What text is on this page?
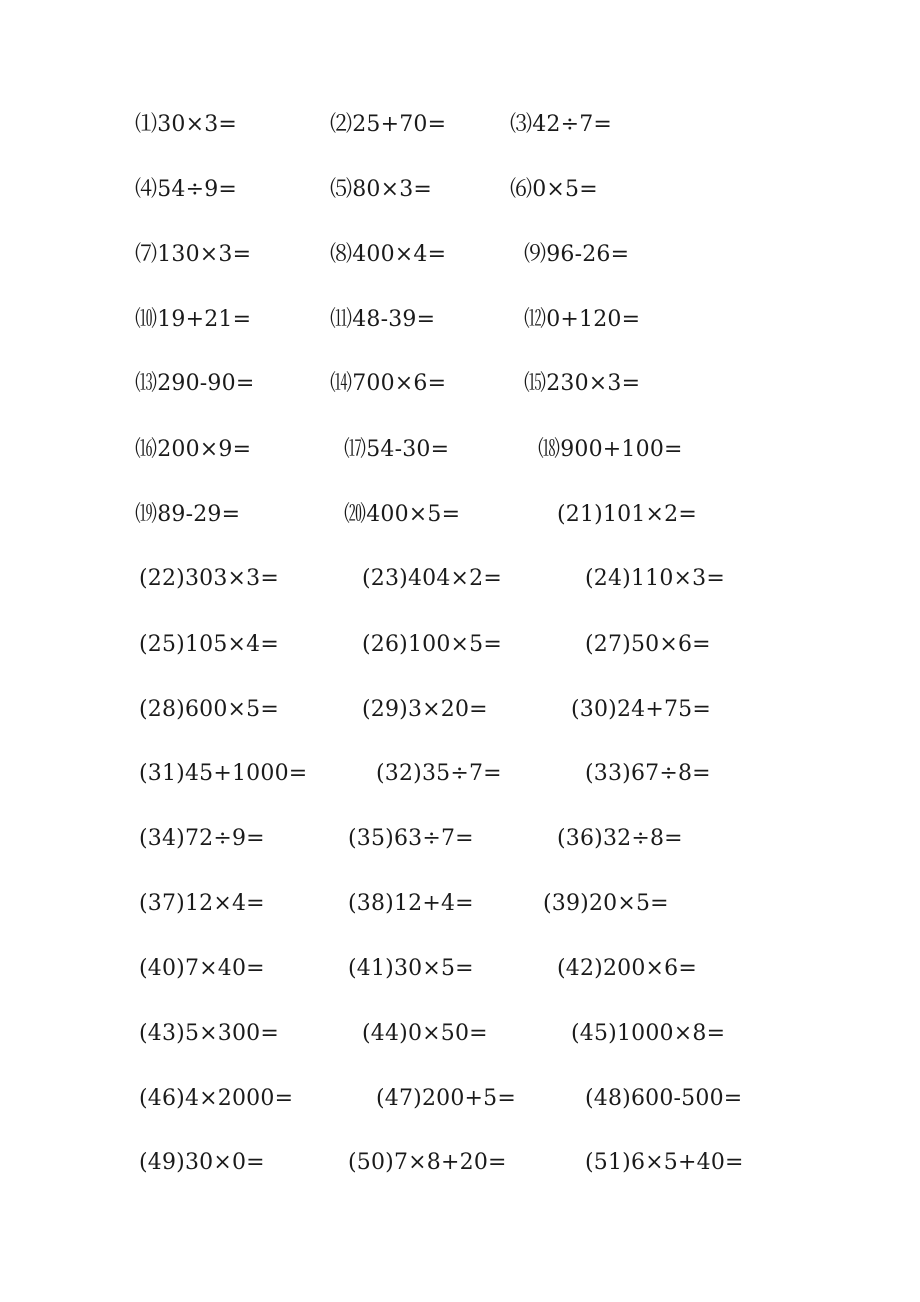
⑴30×3=	⑵25+70=	⑶42÷7=
⑷54÷9=	⑸80×3=	⑹0×5=
⑺130×3=	⑻400×4=	⑼96-26=
⑽19+21=	⑾48-39=	⑿0+120=
⒀290-90=	⒁700×6=	⒂230×3=
⒃200×9=	⒄54-30=	⒅900+100=
⒆89-29=	⒇400×5=	(21)101×2=
(22)303×3=	(23)404×2=	(24)110×3=
(25)105×4=	(26)100×5=	(27)50×6=
(28)600×5=	(29)3×20=	(30)24+75=
(31)45+1000=	(32)35÷7=	(33)67÷8=
(34)72÷9=	(35)63÷7=	(36)32÷8=
(37)12×4=	(38)12+4=	(39)20×5=
(40)7×40=	(41)30×5=	(42)200×6=
(43)5×300=	(44)0×50=	(45)1000×8=
(46)4×2000=	(47)200+5=	(48)600-500=
(49)30×0=	(50)7×8+20=	(51)6×5+40=
